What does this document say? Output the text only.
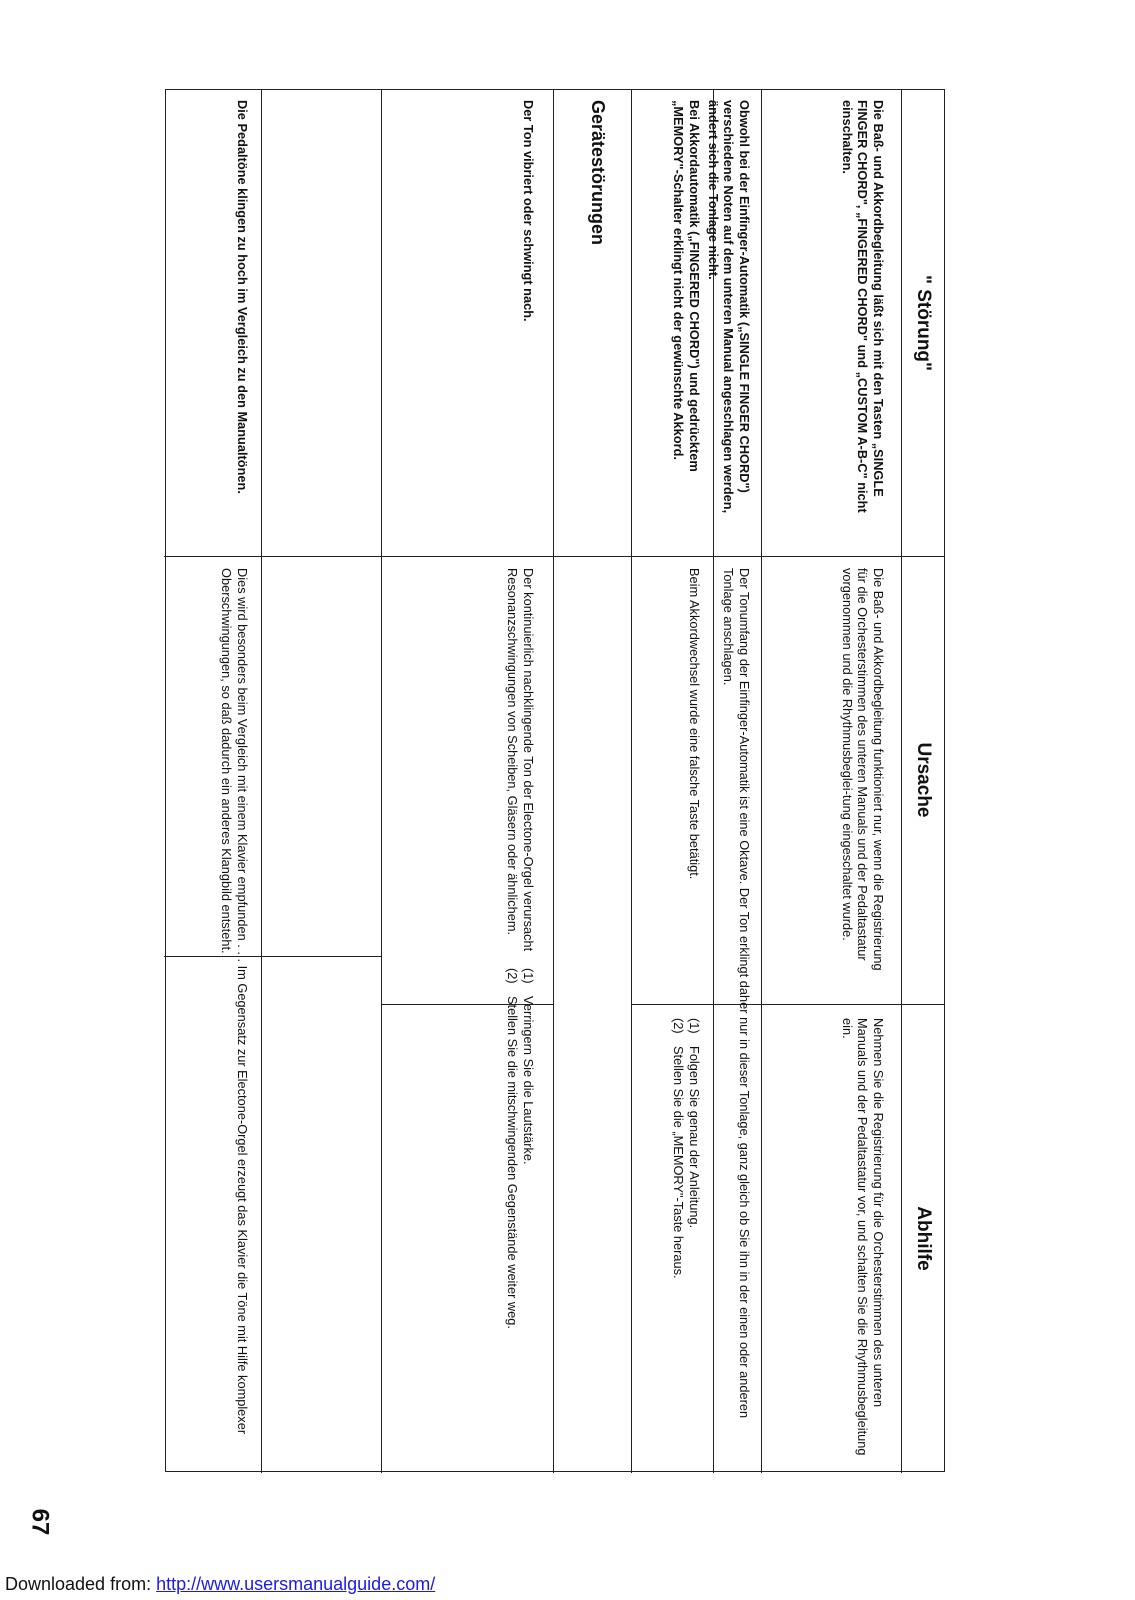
" Störung"
Ursache
Abhilfe
Die Baß- und Akkordbegleitung läßt sich mit den Tasten „SINGLE FINGER CHORD", „FINGERED CHORD" und „CUSTOM A-B-C" nicht einschalten.
Die Baß- und Akkordbegleitung funktioniert nur, wenn die Registrierung für die Orchesterstimmen des unteren Manuals und der Pedaltastatur vorgenommen und die Rhythmusbeglei-tung eingeschaltet wurde.
Nehmen Sie die Registrierung für die Orchesterstimmen des unteren Manuals und der Pedaltastatur vor, und schalten Sie die Rhythmusbegleitung ein.
Obwohl bei der Einfinger-Automatik („SINGLE FINGER CHORD") verschiedene Noten auf dem unteren Manual angeschlagen werden, ändert sich die Tonlage nicht.
Der Tonumfang der Einfinger-Automatik ist eine Oktave. Der Ton erklingt daher nur in dieser Tonlage, ganz gleich ob Sie ihn in der einen oder anderen Tonlage anschlagen.
Bei Akkordautomatik („FINGERED CHORD") und gedrücktem „MEMORY"-Schalter erklingt nicht der gewünschte Akkord.
Beim Akkordwechsel wurde eine falsche Taste betätigt.
(1)
Folgen Sie genau der Anleitung.
(2)
Stellen Sie die „MEMORY"-Taste heraus.
Gerätestörungen
Der Ton vibriert oder schwingt nach.
Der kontinuierlich nachklingende Ton der Electone-Orgel verursacht Resonanzschwingungen von Scheiben, Gläsern oder ähnlichem.
(1)
Verringern Sie die Lautstärke.
(2)
Stellen Sie die mitschwingenden Gegenstände weiter weg.
Die Pedaltöne klingen zu hoch im Vergleich zu den Manualtönen.
Dies wird besonders beim Vergleich mit einem Klavier empfunden . . . Im Gegensatz zur Electone-Orgel erzeugt das Klavier die Töne mit Hilfe komplexer Oberschwingungen, so daß dadurch ein anderes Klangbild entsteht.
67
Downloaded from: http://www.usersmanualguide.com/
